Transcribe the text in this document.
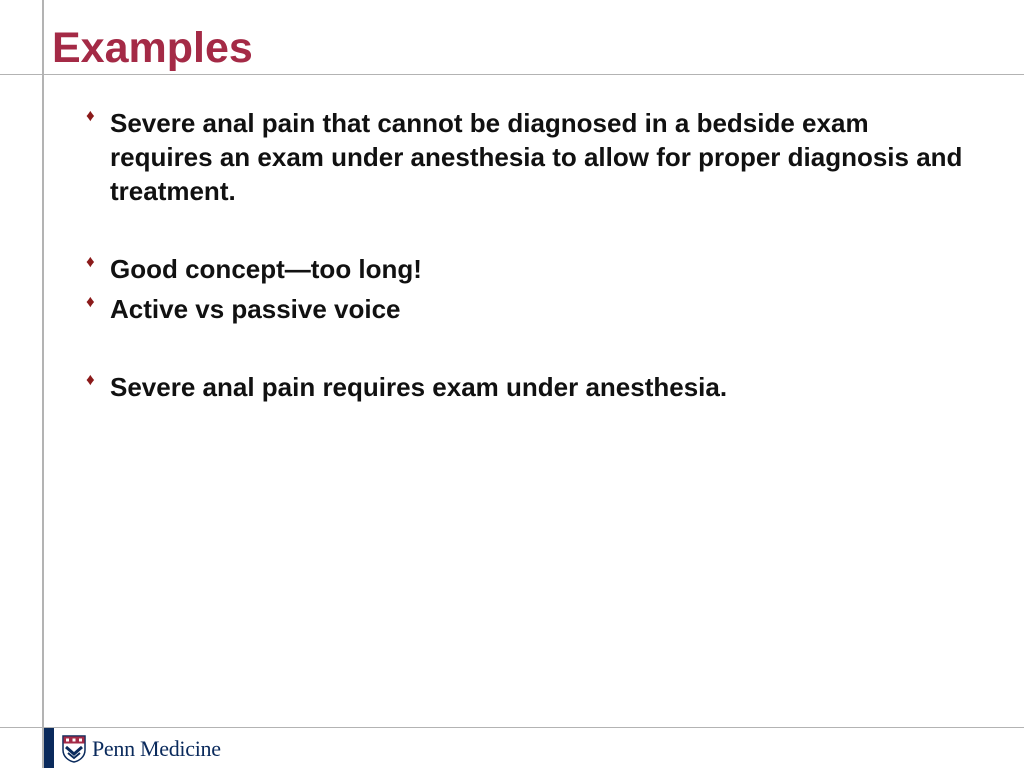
Examples
♦ Severe anal pain that cannot be diagnosed in a bedside exam requires an exam under anesthesia to allow for proper diagnosis and treatment.
♦ Good concept—too long!
♦ Active vs passive voice
♦ Severe anal pain requires exam under anesthesia.
Penn Medicine
